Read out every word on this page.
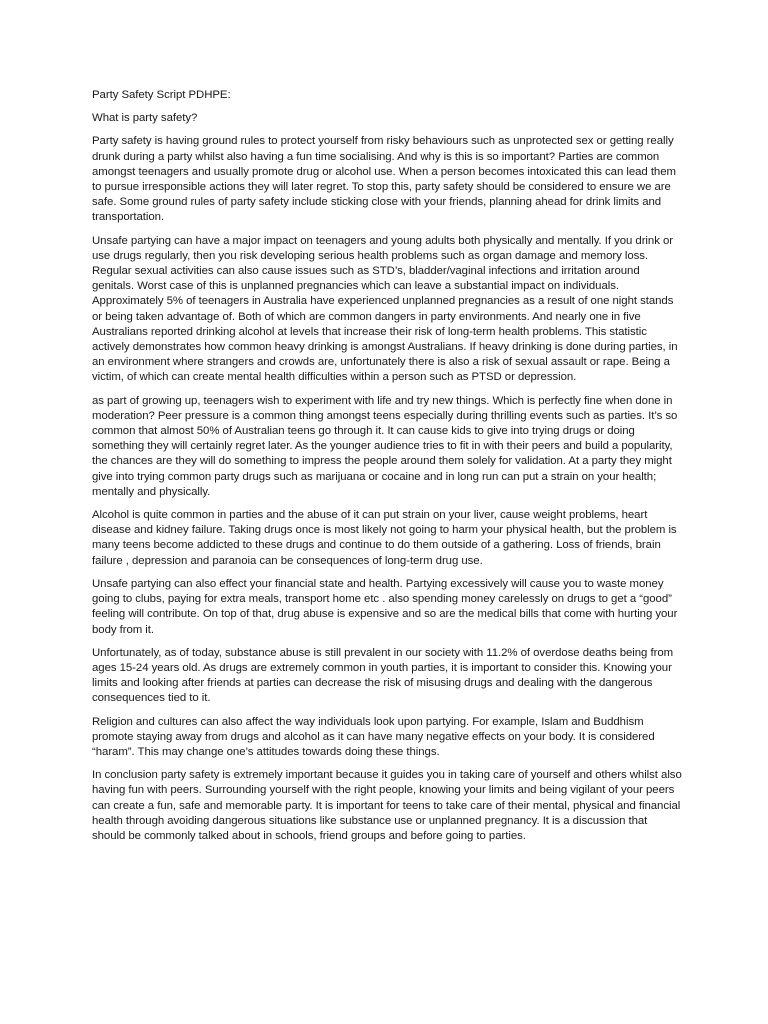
Party Safety Script PDHPE:

What is party safety?

Party safety is having ground rules to protect yourself from risky behaviours such as unprotected sex or getting really drunk during a party whilst also having a fun time socialising. And why is this is so important? Parties are common amongst teenagers and usually promote drug or alcohol use. When a person becomes intoxicated this can lead them to pursue irresponsible actions they will later regret. To stop this, party safety should be considered to ensure we are safe. Some ground rules of party safety include sticking close with your friends, planning ahead for drink limits and transportation.

Unsafe partying can have a major impact on teenagers and young adults both physically and mentally. If you drink or use drugs regularly, then you risk developing serious health problems such as organ damage and memory loss. Regular sexual activities can also cause issues such as STD’s, bladder/vaginal infections and irritation around genitals. Worst case of this is unplanned pregnancies which can leave a substantial impact on individuals. Approximately 5% of teenagers in Australia have experienced unplanned pregnancies as a result of one night stands or being taken advantage of. Both of which are common dangers in party environments. And nearly one in five Australians reported drinking alcohol at levels that increase their risk of long-term health problems. This statistic actively demonstrates how common heavy drinking is amongst Australians. If heavy drinking is done during parties, in an environment where strangers and crowds are, unfortunately there is also a risk of sexual assault or rape. Being a victim, of which can create mental health difficulties within a person such as PTSD or depression.

as part of growing up, teenagers wish to experiment with life and try new things. Which is perfectly fine when done in moderation? Peer pressure is a common thing amongst teens especially during thrilling events such as parties. It’s so common that almost 50% of Australian teens go through it. It can cause kids to give into trying drugs or doing something they will certainly regret later. As the younger audience tries to fit in with their peers and build a popularity, the chances are they will do something to impress the people around them solely for validation. At a party they might give into trying common party drugs such as marijuana or cocaine and in long run can put a strain on your health; mentally and physically.

Alcohol is quite common in parties and the abuse of it can put strain on your liver, cause weight problems, heart disease and kidney failure. Taking drugs once is most likely not going to harm your physical health, but the problem is many teens become addicted to these drugs and continue to do them outside of a gathering. Loss of friends, brain failure , depression and paranoia can be consequences of long-term drug use.

Unsafe partying can also effect your financial state and health. Partying excessively will cause you to waste money going to clubs, paying for extra meals, transport home etc . also spending money carelessly on drugs to get a “good” feeling will contribute. On top of that, drug abuse is expensive and so are the medical bills that come with hurting your body from it.

Unfortunately, as of today, substance abuse is still prevalent in our society with 11.2% of overdose deaths being from ages 15-24 years old. As drugs are extremely common in youth parties, it is important to consider this. Knowing your limits and looking after friends at parties can decrease the risk of misusing drugs and dealing with the dangerous consequences tied to it.

Religion and cultures can also affect the way individuals look upon partying. For example, Islam and Buddhism promote staying away from drugs and alcohol as it can have many negative effects on your body. It is considered “haram”. This may change one’s attitudes towards doing these things.

In conclusion party safety is extremely important because it guides you in taking care of yourself and others whilst also having fun with peers. Surrounding yourself with the right people, knowing your limits and being vigilant of your peers can create a fun, safe and memorable party. It is important for teens to take care of their mental, physical and financial health through avoiding dangerous situations like substance use or unplanned pregnancy. It is a discussion that should be commonly talked about in schools, friend groups and before going to parties.
